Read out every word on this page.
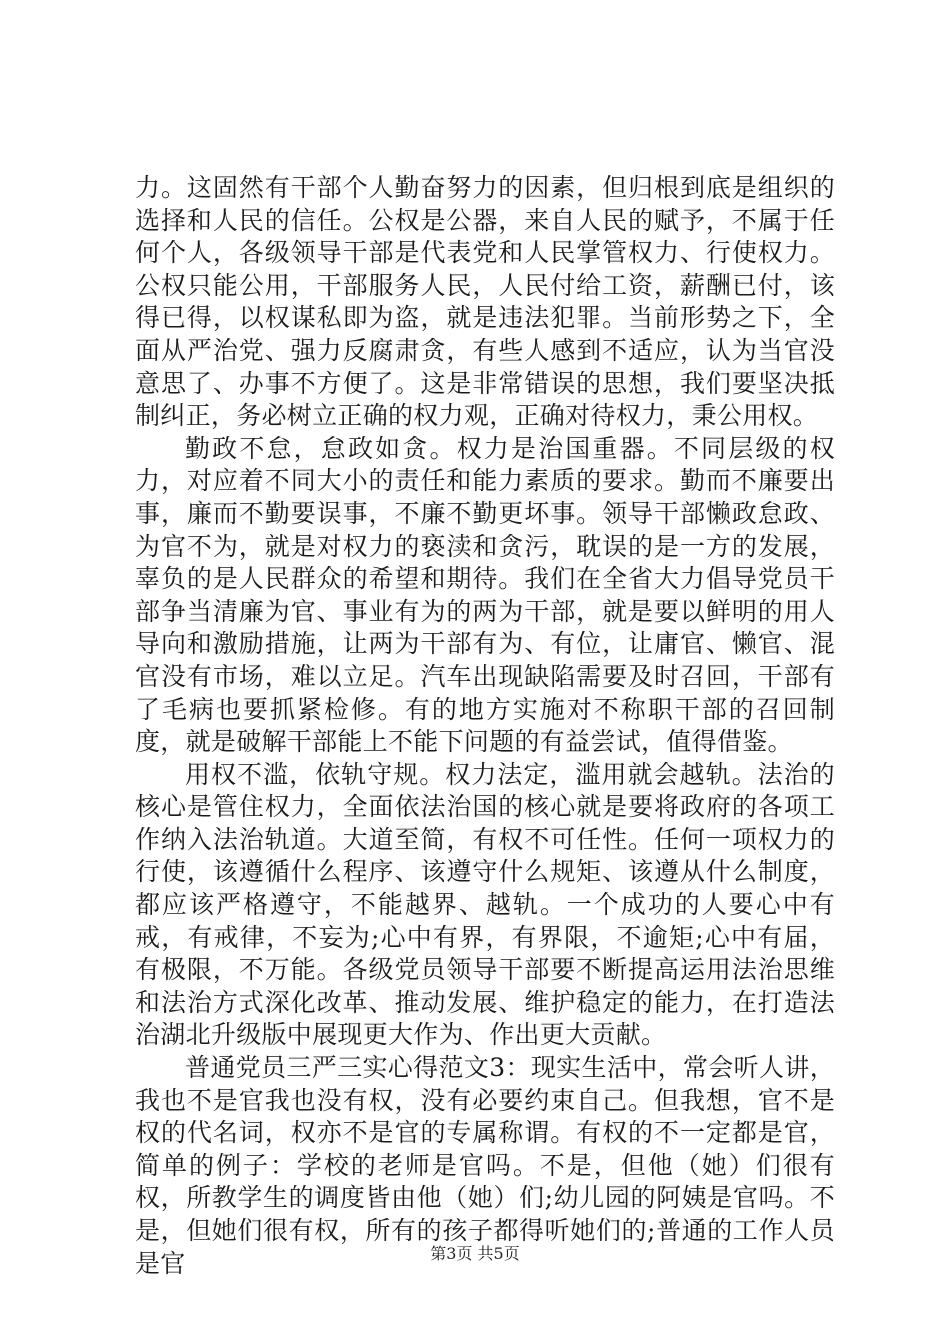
力。这固然有干部个人勤奋努力的因素，但归根到底是组织的选择和人民的信任。公权是公器，来自人民的赋予，不属于任何个人，各级领导干部是代表党和人民掌管权力、行使权力。公权只能公用，干部服务人民，人民付给工资，薪酬已付，该得已得，以权谋私即为盗，就是违法犯罪。当前形势之下，全面从严治党、强力反腐肃贪，有些人感到不适应，认为当官没意思了、办事不方便了。这是非常错误的思想，我们要坚决抵制纠正，务必树立正确的权力观，正确对待权力，秉公用权。

勤政不怠，怠政如贪。权力是治国重器。不同层级的权力，对应着不同大小的责任和能力素质的要求。勤而不廉要出事，廉而不勤要误事，不廉不勤更坏事。领导干部懒政怠政、为官不为，就是对权力的亵渎和贪污，耽误的是一方的发展，辜负的是人民群众的希望和期待。我们在全省大力倡导党员干部争当清廉为官、事业有为的两为干部，就是要以鲜明的用人导向和激励措施，让两为干部有为、有位，让庸官、懒官、混官没有市场，难以立足。汽车出现缺陷需要及时召回，干部有了毛病也要抓紧检修。有的地方实施对不称职干部的召回制度，就是破解干部能上不能下问题的有益尝试，值得借鉴。

用权不滥，依轨守规。权力法定，滥用就会越轨。法治的核心是管住权力，全面依法治国的核心就是要将政府的各项工作纳入法治轨道。大道至简，有权不可任性。任何一项权力的行使，该遵循什么程序、该遵守什么规矩、该遵从什么制度，都应该严格遵守，不能越界、越轨。一个成功的人要心中有戒，有戒律，不妄为;心中有界，有界限，不逾矩;心中有届，有极限，不万能。各级党员领导干部要不断提高运用法治思维和法治方式深化改革、推动发展、维护稳定的能力，在打造法治湖北升级版中展现更大作为、作出更大贡献。

普通党员三严三实心得范文3：现实生活中，常会听人讲，我也不是官我也没有权，没有必要约束自己。但我想，官不是权的代名词，权亦不是官的专属称谓。有权的不一定都是官，简单的例子：学校的老师是官吗。不是，但他（她）们很有权，所教学生的调度皆由他（她）们;幼儿园的阿姨是官吗。不是，但她们很有权，所有的孩子都得听她们的;普通的工作人员是官	第3页 共5页
